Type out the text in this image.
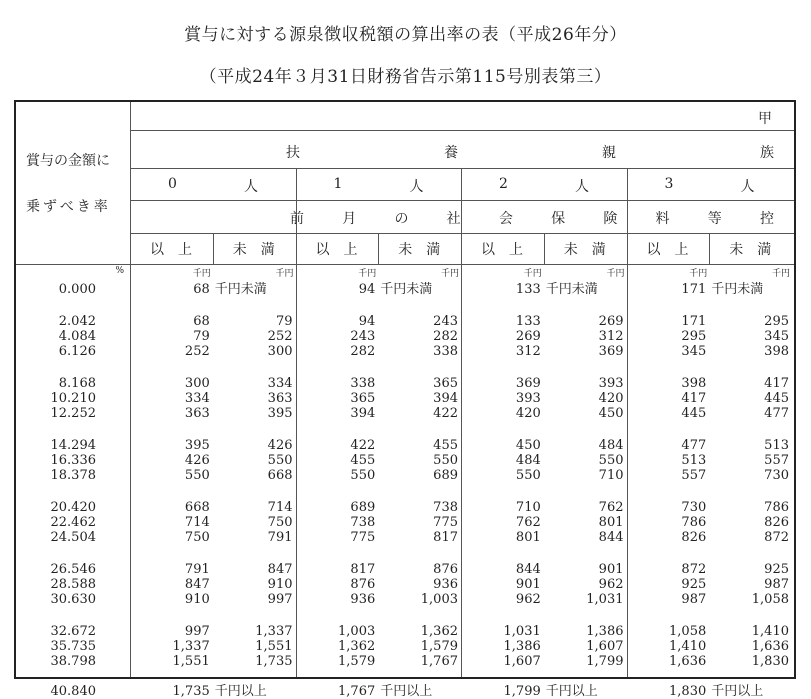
賞与に対する源泉徴収税額の算出率の表（平成26年分）
（平成24年３月31日財務省告示第115号別表第三）
賞与の金額に
乗ずべき率
甲
扶	養	親	族
0	人	1	人	2	人	3	人
前	月	の	社	会	保	険	料	等	控
以上 未満 以上 未満 以上 未満 以上 未満
%	千円	千円	千円	千円	千円	千円	千円	千円
0.000	68 千円未満	94 千円未満	133 千円未満	171 千円未満
2.042	68	79	94	243	133	269	171	295
4.084	79	252	243	282	269	312	295	345
6.126	252	300	282	338	312	369	345	398
8.168	300	334	338	365	369	393	398	417
10.210	334	363	365	394	393	420	417	445
12.252	363	395	394	422	420	450	445	477
14.294	395	426	422	455	450	484	477	513
16.336	426	550	455	550	484	550	513	557
18.378	550	668	550	689	550	710	557	730
20.420	668	714	689	738	710	762	730	786
22.462	714	750	738	775	762	801	786	826
24.504	750	791	775	817	801	844	826	872
26.546	791	847	817	876	844	901	872	925
28.588	847	910	876	936	901	962	925	987
30.630	910	997	936	1,003	962	1,031	987	1,058
32.672	997	1,337	1,003	1,362	1,031	1,386	1,058	1,410
35.735	1,337	1,551	1,362	1,579	1,386	1,607	1,410	1,636
38.798	1,551	1,735	1,579	1,767	1,607	1,799	1,636	1,830
40.840	1,735 千円以上	1,767 千円以上	1,799 千円以上	1,830 千円以上
